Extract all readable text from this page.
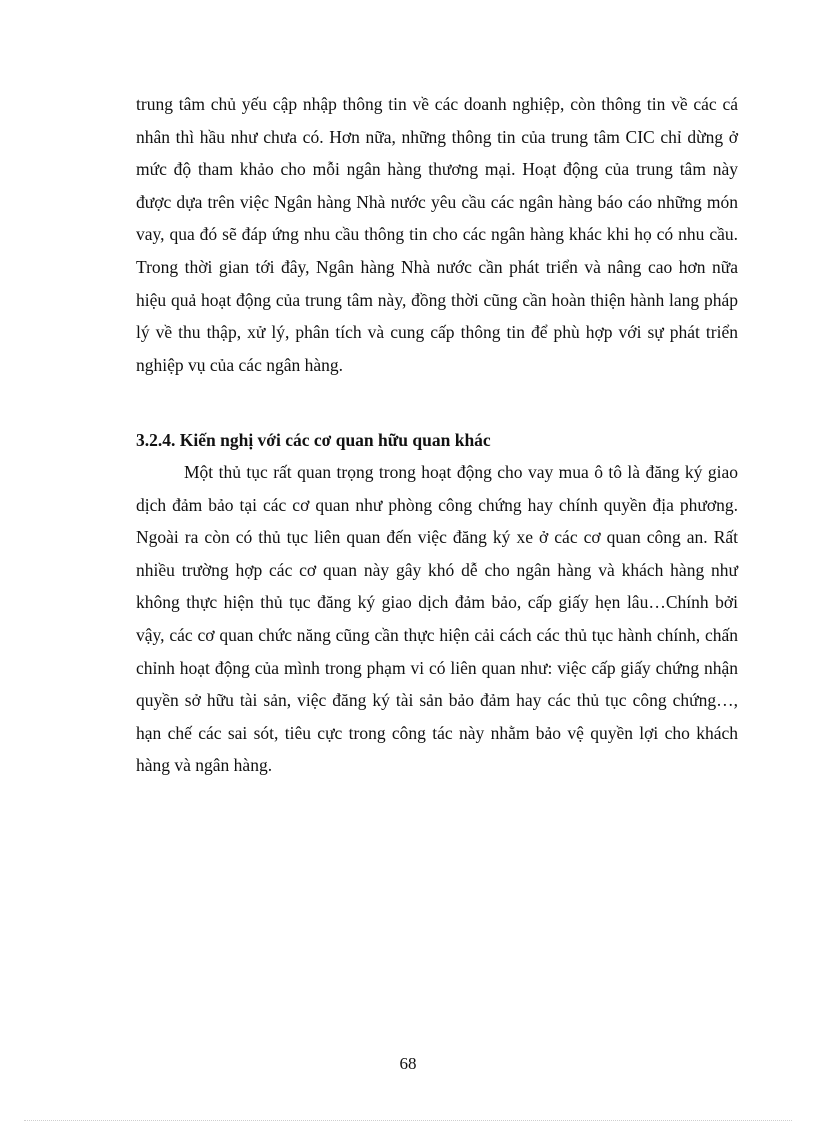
trung tâm chủ yếu cập nhập thông tin về các doanh nghiệp, còn thông tin về các cá nhân thì hầu như chưa có. Hơn nữa, những thông tin của trung tâm CIC chỉ dừng ở mức độ tham khảo cho mỗi ngân hàng thương mại. Hoạt động của trung tâm này được dựa trên việc Ngân hàng Nhà nước yêu cầu các ngân hàng báo cáo những món vay, qua đó sẽ đáp ứng nhu cầu thông tin cho các ngân hàng khác khi họ có nhu cầu. Trong thời gian tới đây, Ngân hàng Nhà nước cần phát triển và nâng cao hơn nữa hiệu quả hoạt động của trung tâm này, đồng thời cũng cần hoàn thiện hành lang pháp lý về thu thập, xử lý, phân tích và cung cấp thông tin để phù hợp với sự phát triển nghiệp vụ của các ngân hàng.

3.2.4. Kiến nghị với các cơ quan hữu quan khác

Một thủ tục rất quan trọng trong hoạt động cho vay mua ô tô là đăng ký giao dịch đảm bảo tại các cơ quan như phòng công chứng hay chính quyền địa phương. Ngoài ra còn có thủ tục liên quan đến việc đăng ký xe ở các cơ quan công an. Rất nhiều trường hợp các cơ quan này gây khó dễ cho ngân hàng và khách hàng như không thực hiện thủ tục đăng ký giao dịch đảm bảo, cấp giấy hẹn lâu…Chính bởi vậy, các cơ quan chức năng cũng cần thực hiện cải cách các thủ tục hành chính, chấn chỉnh hoạt động của mình trong phạm vi có liên quan như: việc cấp giấy chứng nhận quyền sở hữu tài sản, việc đăng ký tài sản bảo đảm hay các thủ tục công chứng…, hạn chế các sai sót, tiêu cực trong công tác này nhằm bảo vệ quyền lợi cho khách hàng và ngân hàng.

68
